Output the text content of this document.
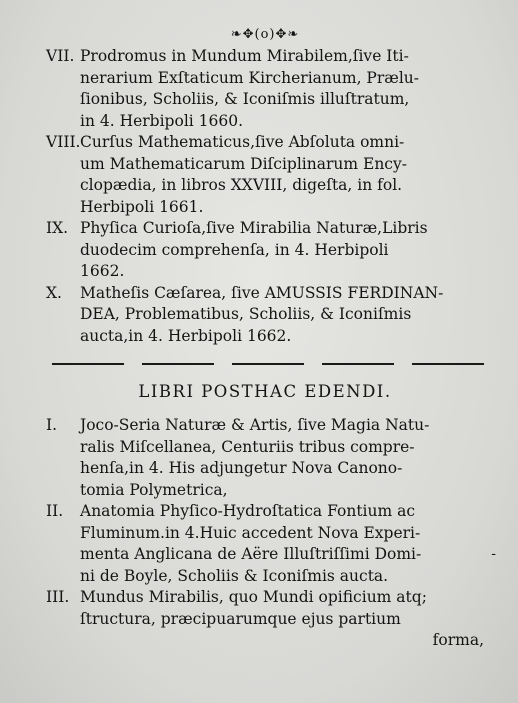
❧✥(o)✥❧
VII. Prodromus in Mundum Mirabilem,ſive Iti-

nerarium Exſtaticum Kircherianum, Prælu-

ſionibus, Scholiis, & Iconiſmis illuſtratum,

in 4. Herbipoli 1660.

VIII. Curſus Mathematicus,ſive Abſoluta omni-

um Mathematicarum Diſciplinarum Ency-

clopædia, in libros XXVIII, digeſta, in fol.

Herbipoli 1661.

IX. Phyſica Curioſa,ſive Mirabilia Naturæ,Libris

duodecim comprehenſa, in 4. Herbipoli

1662.

X.	Matheſis Cæſarea, ſive AMUSSIS FERDINAN-

DEA, Problematibus, Scholiis, & Iconiſmis

aucta,in 4. Herbipoli 1662.

LIBRI POSTHAC EDENDI.
I.	Joco-Seria Naturæ & Artis, ſive Magia Natu-

ralis Miſcellanea, Centuriis tribus compre-

henſa,in 4. His adjungetur Nova Canono-

tomia Polymetrica,

II.	Anatomia Phyſico-Hydroſtatica Fontium ac

Fluminum.in 4.Huic accedent Nova Experi-

menta Anglicana de Aëre Illuſtriſſimi Domi-

ni de Boyle, Scholiis & Iconiſmis aucta.

III. Mundus Mirabilis, quo Mundi opificium atq;

ſtructura, præcipuarumque ejus partium

forma,
-
